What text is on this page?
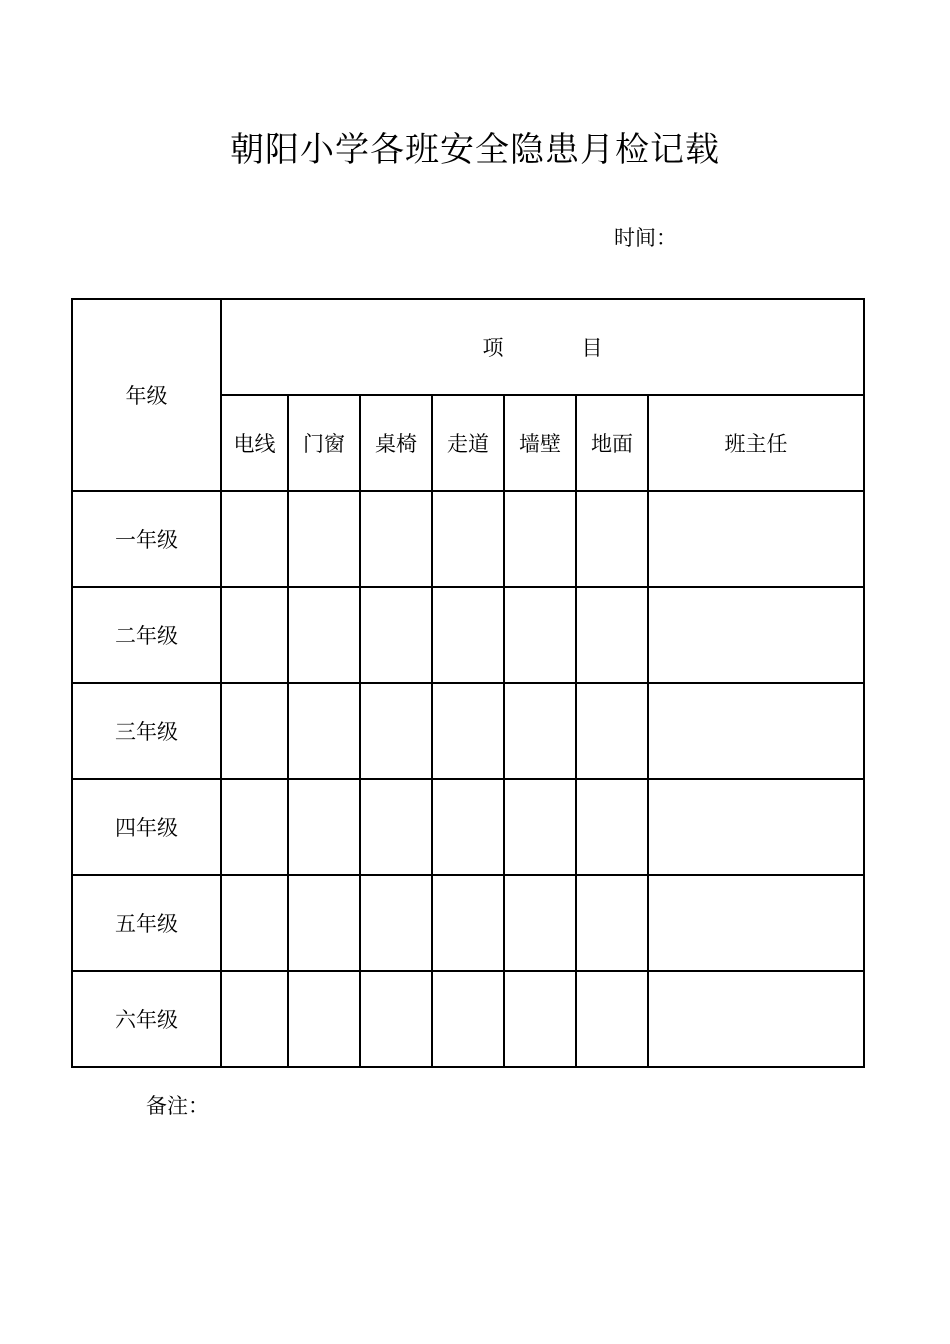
朝阳小学各班安全隐患月检记载
时间：
年级	项 目						
	电线	门窗	桌椅	走道	墙壁	地面	班主任
一年级							
二年级							
三年级							
四年级							
五年级							
六年级							
备注：
